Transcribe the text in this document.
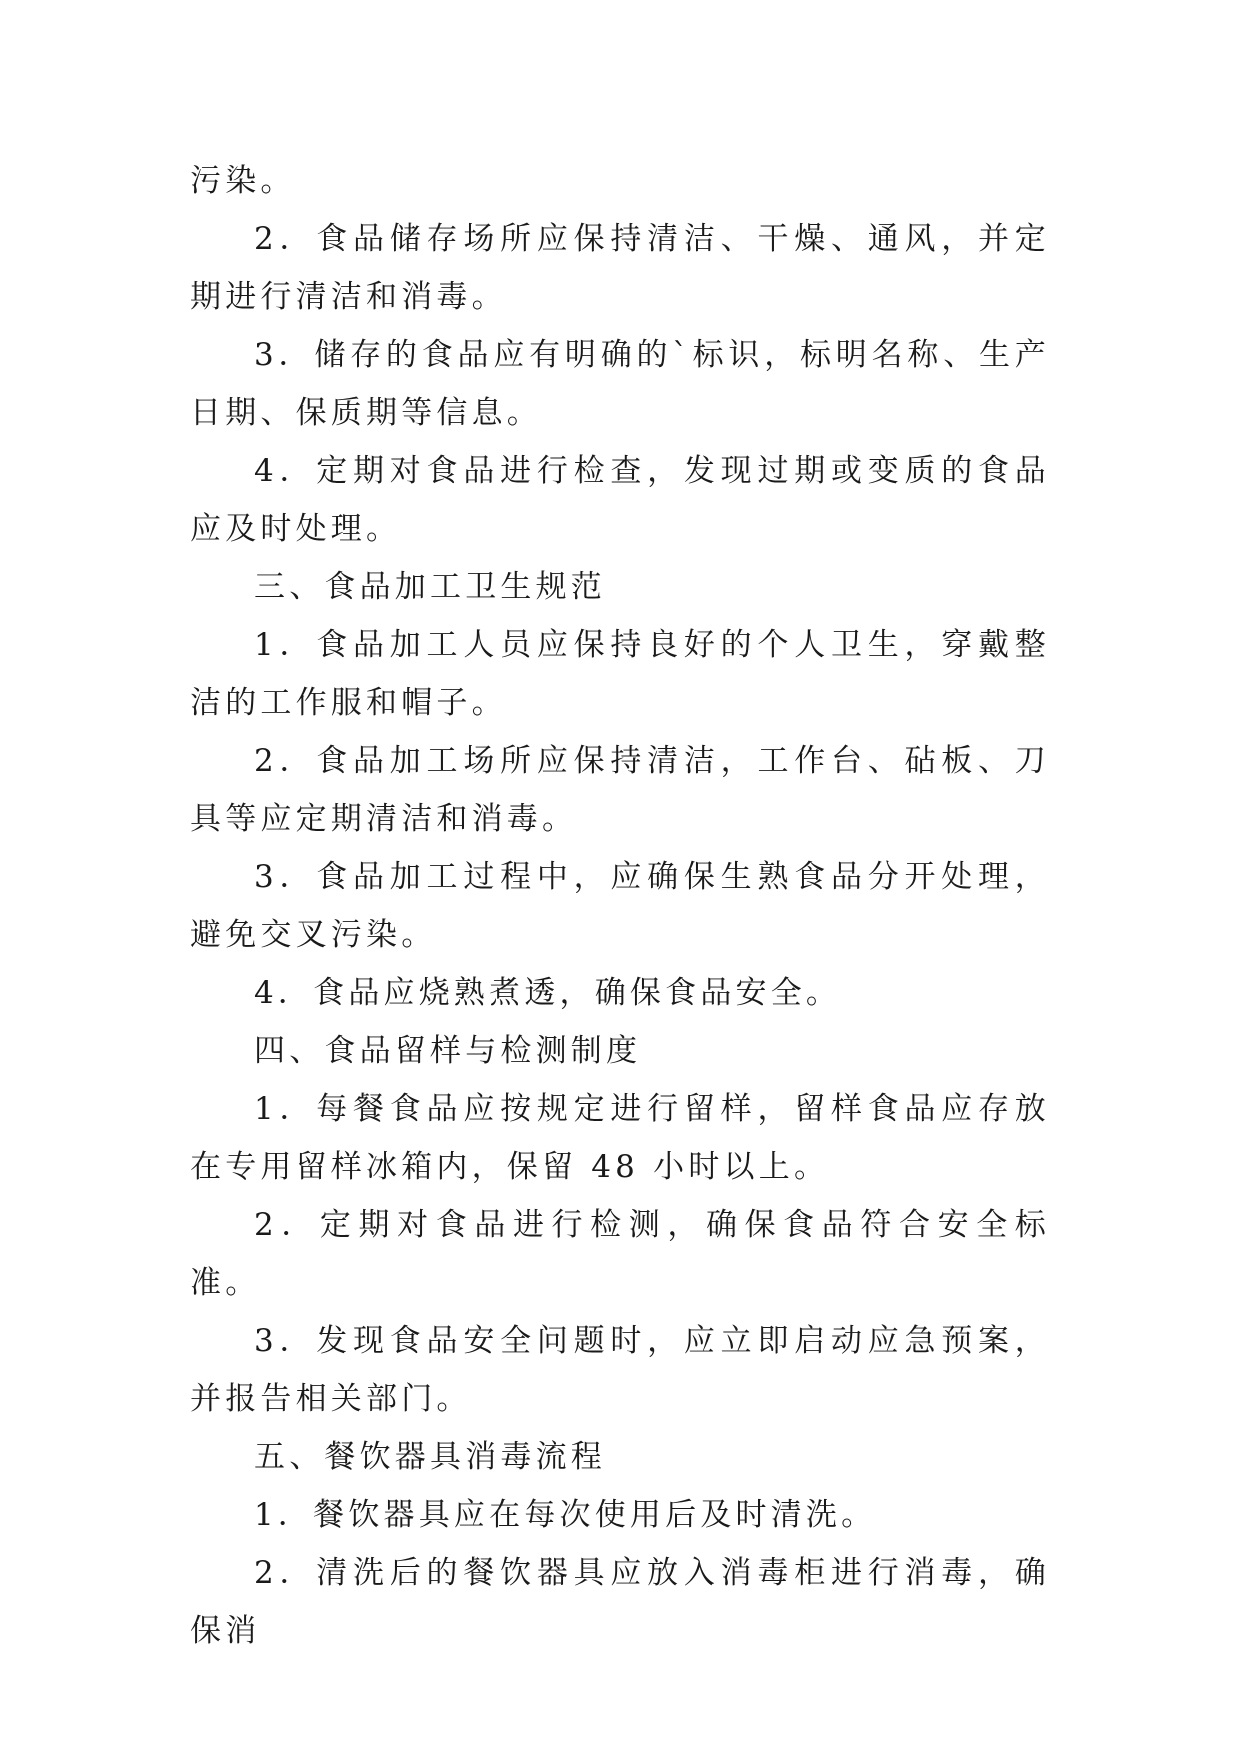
污染。

2．食品储存场所应保持清洁、干燥、通风，并定期进行清洁和消毒。

3．储存的食品应有明确的`标识，标明名称、生产日期、保质期等信息。

4．定期对食品进行检查，发现过期或变质的食品应及时处理。

三、食品加工卫生规范

1．食品加工人员应保持良好的个人卫生，穿戴整洁的工作服和帽子。

2．食品加工场所应保持清洁，工作台、砧板、刀具等应定期清洁和消毒。

3．食品加工过程中，应确保生熟食品分开处理，避免交叉污染。

4．食品应烧熟煮透，确保食品安全。

四、食品留样与检测制度

1．每餐食品应按规定进行留样，留样食品应存放在专用留样冰箱内，保留 48 小时以上。

2．定期对食品进行检测，确保食品符合安全标准。

3．发现食品安全问题时，应立即启动应急预案，并报告相关部门。

五、餐饮器具消毒流程

1．餐饮器具应在每次使用后及时清洗。

2．清洗后的餐饮器具应放入消毒柜进行消毒，确保消
